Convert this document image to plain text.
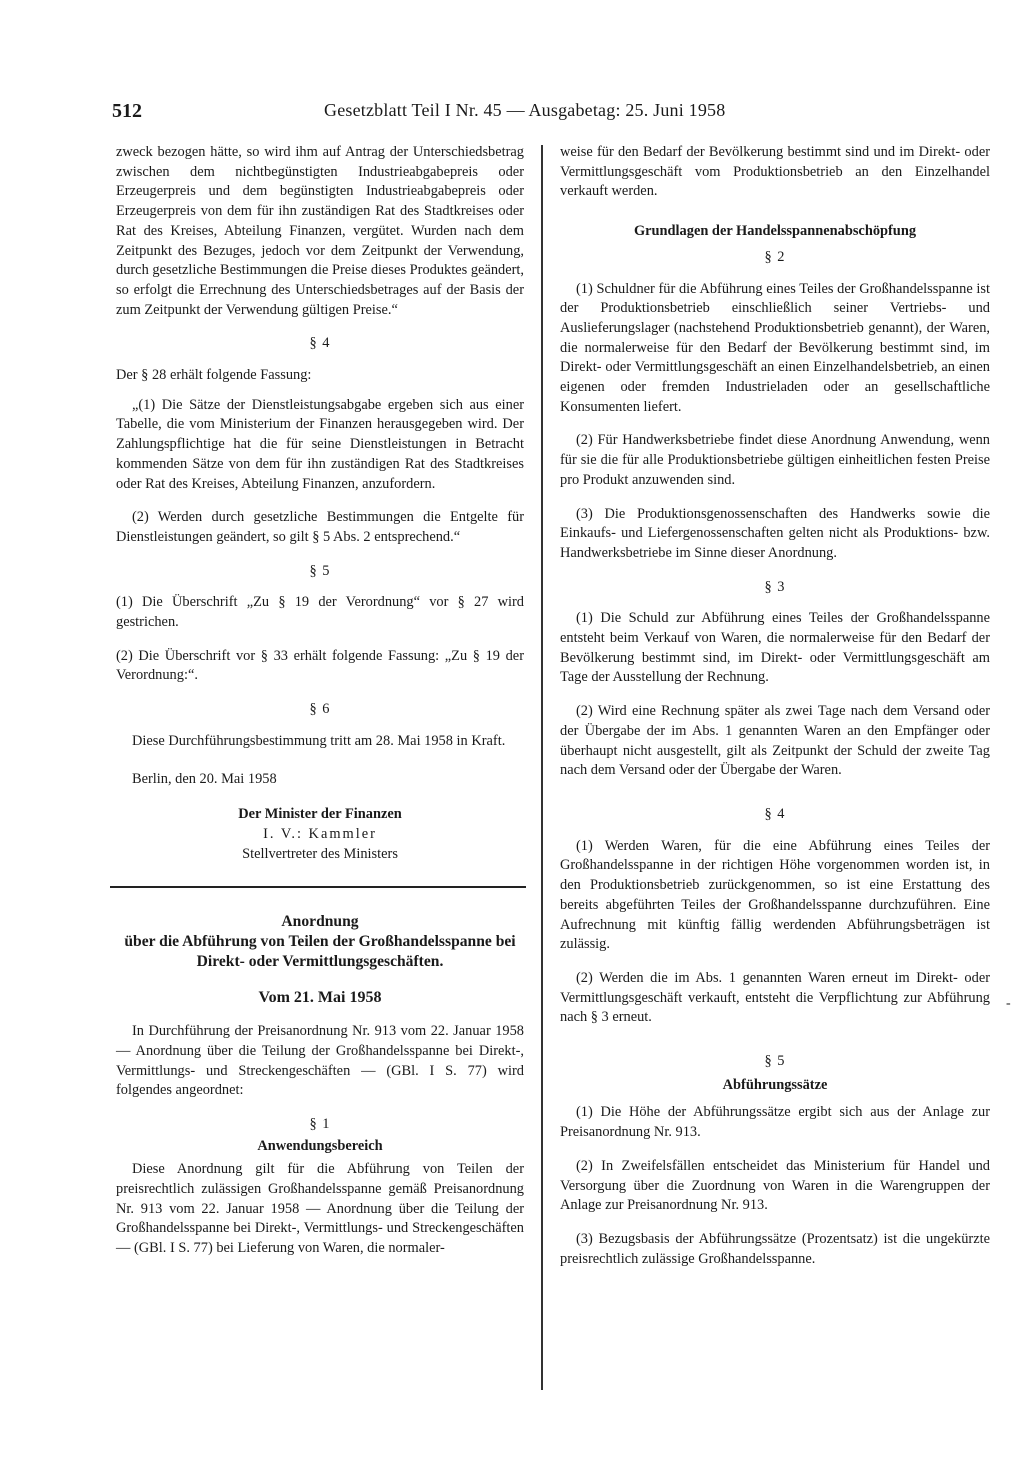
512	Gesetzblatt Teil I Nr. 45 — Ausgabetag: 25. Juni 1958

zweck bezogen hätte, so wird ihm auf Antrag der Unterschiedsbetrag zwischen dem nichtbegünstigten Industrieabgabepreis oder Erzeugerpreis und dem begünstigten Industrieabgabepreis oder Erzeugerpreis von dem für ihn zuständigen Rat des Stadtkreises oder Rat des Kreises, Abteilung Finanzen, vergütet. Wurden nach dem Zeitpunkt des Bezuges, jedoch vor dem Zeitpunkt der Verwendung, durch gesetzliche Bestimmungen die Preise dieses Produktes geändert, so erfolgt die Errechnung des Unterschiedsbetrages auf der Basis der zum Zeitpunkt der Verwendung gültigen Preise.“

§ 4

Der § 28 erhält folgende Fassung:

„(1) Die Sätze der Dienstleistungsabgabe ergeben sich aus einer Tabelle, die vom Ministerium der Finanzen herausgegeben wird. Der Zahlungspflichtige hat die für seine Dienstleistungen in Betracht kommenden Sätze von dem für ihn zuständigen Rat des Stadtkreises oder Rat des Kreises, Abteilung Finanzen, anzufordern.

(2) Werden durch gesetzliche Bestimmungen die Entgelte für Dienstleistungen geändert, so gilt § 5 Abs. 2 entsprechend.“

§ 5

(1) Die Überschrift „Zu § 19 der Verordnung“ vor § 27 wird gestrichen.

(2) Die Überschrift vor § 33 erhält folgende Fassung: „Zu § 19 der Verordnung:“.

§ 6

Diese Durchführungsbestimmung tritt am 28. Mai 1958 in Kraft.

Berlin, den 20. Mai 1958

Der Minister der Finanzen

I. V.: Kammler

Stellvertreter des Ministers

Anordnung

über die Abführung von Teilen der Großhandelsspanne bei Direkt- oder Vermittlungsgeschäften.

Vom 21. Mai 1958

In Durchführung der Preisanordnung Nr. 913 vom 22. Januar 1958 — Anordnung über die Teilung der Großhandelsspanne bei Direkt-, Vermittlungs- und Streckengeschäften — (GBl. I S. 77) wird folgendes angeordnet:

§ 1

Anwendungsbereich

Diese Anordnung gilt für die Abführung von Teilen der preisrechtlich zulässigen Großhandelsspanne gemäß Preisanordnung Nr. 913 vom 22. Januar 1958 — Anordnung über die Teilung der Großhandelsspanne bei Direkt-, Vermittlungs- und Streckengeschäften — (GBl. I S. 77) bei Lieferung von Waren, die normaler-

weise für den Bedarf der Bevölkerung bestimmt sind und im Direkt- oder Vermittlungsgeschäft vom Produktionsbetrieb an den Einzelhandel verkauft werden.

Grundlagen der Handelsspannenabschöpfung

§ 2

(1) Schuldner für die Abführung eines Teiles der Großhandelsspanne ist der Produktionsbetrieb einschließlich seiner Vertriebs- und Auslieferungslager (nachstehend Produktionsbetrieb genannt), der Waren, die normalerweise für den Bedarf der Bevölkerung bestimmt sind, im Direkt- oder Vermittlungsgeschäft an einen Einzelhandelsbetrieb, an einen eigenen oder fremden Industrieladen oder an gesellschaftliche Konsumenten liefert.

(2) Für Handwerksbetriebe findet diese Anordnung Anwendung, wenn für sie die für alle Produktionsbetriebe gültigen einheitlichen festen Preise pro Produkt anzuwenden sind.

(3) Die Produktionsgenossenschaften des Handwerks sowie die Einkaufs- und Liefergenossenschaften gelten nicht als Produktions- bzw. Handwerksbetriebe im Sinne dieser Anordnung.

§ 3

(1) Die Schuld zur Abführung eines Teiles der Großhandelsspanne entsteht beim Verkauf von Waren, die normalerweise für den Bedarf der Bevölkerung bestimmt sind, im Direkt- oder Vermittlungsgeschäft am Tage der Ausstellung der Rechnung.

(2) Wird eine Rechnung später als zwei Tage nach dem Versand oder der Übergabe der im Abs. 1 genannten Waren an den Empfänger oder überhaupt nicht ausgestellt, gilt als Zeitpunkt der Schuld der zweite Tag nach dem Versand oder der Übergabe der Waren.

§ 4

(1) Werden Waren, für die eine Abführung eines Teiles der Großhandelsspanne in der richtigen Höhe vorgenommen worden ist, in den Produktionsbetrieb zurückgenommen, so ist eine Erstattung des bereits abgeführten Teiles der Großhandelsspanne durchzuführen. Eine Aufrechnung mit künftig fällig werdenden Abführungsbeträgen ist zulässig.

(2) Werden die im Abs. 1 genannten Waren erneut im Direkt- oder Vermittlungsgeschäft verkauft, entsteht die Verpflichtung zur Abführung nach § 3 erneut.

§ 5

Abführungssätze

(1) Die Höhe der Abführungssätze ergibt sich aus der Anlage zur Preisanordnung Nr. 913.

(2) In Zweifelsfällen entscheidet das Ministerium für Handel und Versorgung über die Zuordnung von Waren in die Warengruppen der Anlage zur Preisanordnung Nr. 913.

(3) Bezugsbasis der Abführungssätze (Prozentsatz) ist die ungekürzte preisrechtlich zulässige Großhandelsspanne.

-
